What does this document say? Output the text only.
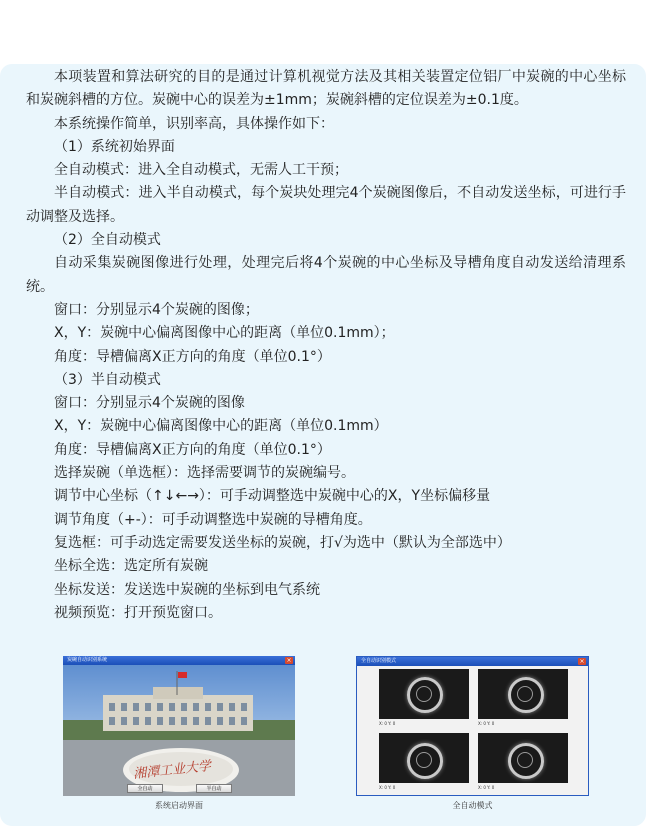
本项装置和算法研究的目的是通过计算机视觉方法及其相关装置定位铝厂中炭碗的中心坐标和炭碗斜槽的方位。炭碗中心的误差为±1mm；炭碗斜槽的定位误差为±0.1度。

本系统操作简单，识别率高，具体操作如下：

（1）系统初始界面

全自动模式：进入全自动模式，无需人工干预；

半自动模式：进入半自动模式，每个炭块处理完4个炭碗图像后，不自动发送坐标，可进行手动调整及选择。

（2）全自动模式

自动采集炭碗图像进行处理，处理完后将4个炭碗的中心坐标及导槽角度自动发送给清理系统。

窗口：分别显示4个炭碗的图像；

X，Y：炭碗中心偏离图像中心的距离（单位0.1mm）；

角度：导槽偏离X正方向的角度（单位0.1°）

（3）半自动模式

窗口：分别显示4个炭碗的图像

X，Y：炭碗中心偏离图像中心的距离（单位0.1mm）

角度：导槽偏离X正方向的角度（单位0.1°）

选择炭碗（单选框）：选择需要调节的炭碗编号。

调节中心坐标（↑↓←→）：可手动调整选中炭碗中心的X，Y坐标偏移量

调节角度（+-）：可手动调整选中炭碗的导槽角度。

复选框：可手动选定需要发送坐标的炭碗，打√为选中（默认为全部选中）

坐标全选：选定所有炭碗

坐标发送：发送选中炭碗的坐标到电气系统

视频预览：打开预览窗口。

炭碗自动识别系统	×
湘潭工业大学
全自动	半自动
系统启动界面
全自动识别模式	×
X: 0 Y: 0	X: 0 Y: 0
X: 0 Y: 0	X: 0 Y: 0
全自动模式
